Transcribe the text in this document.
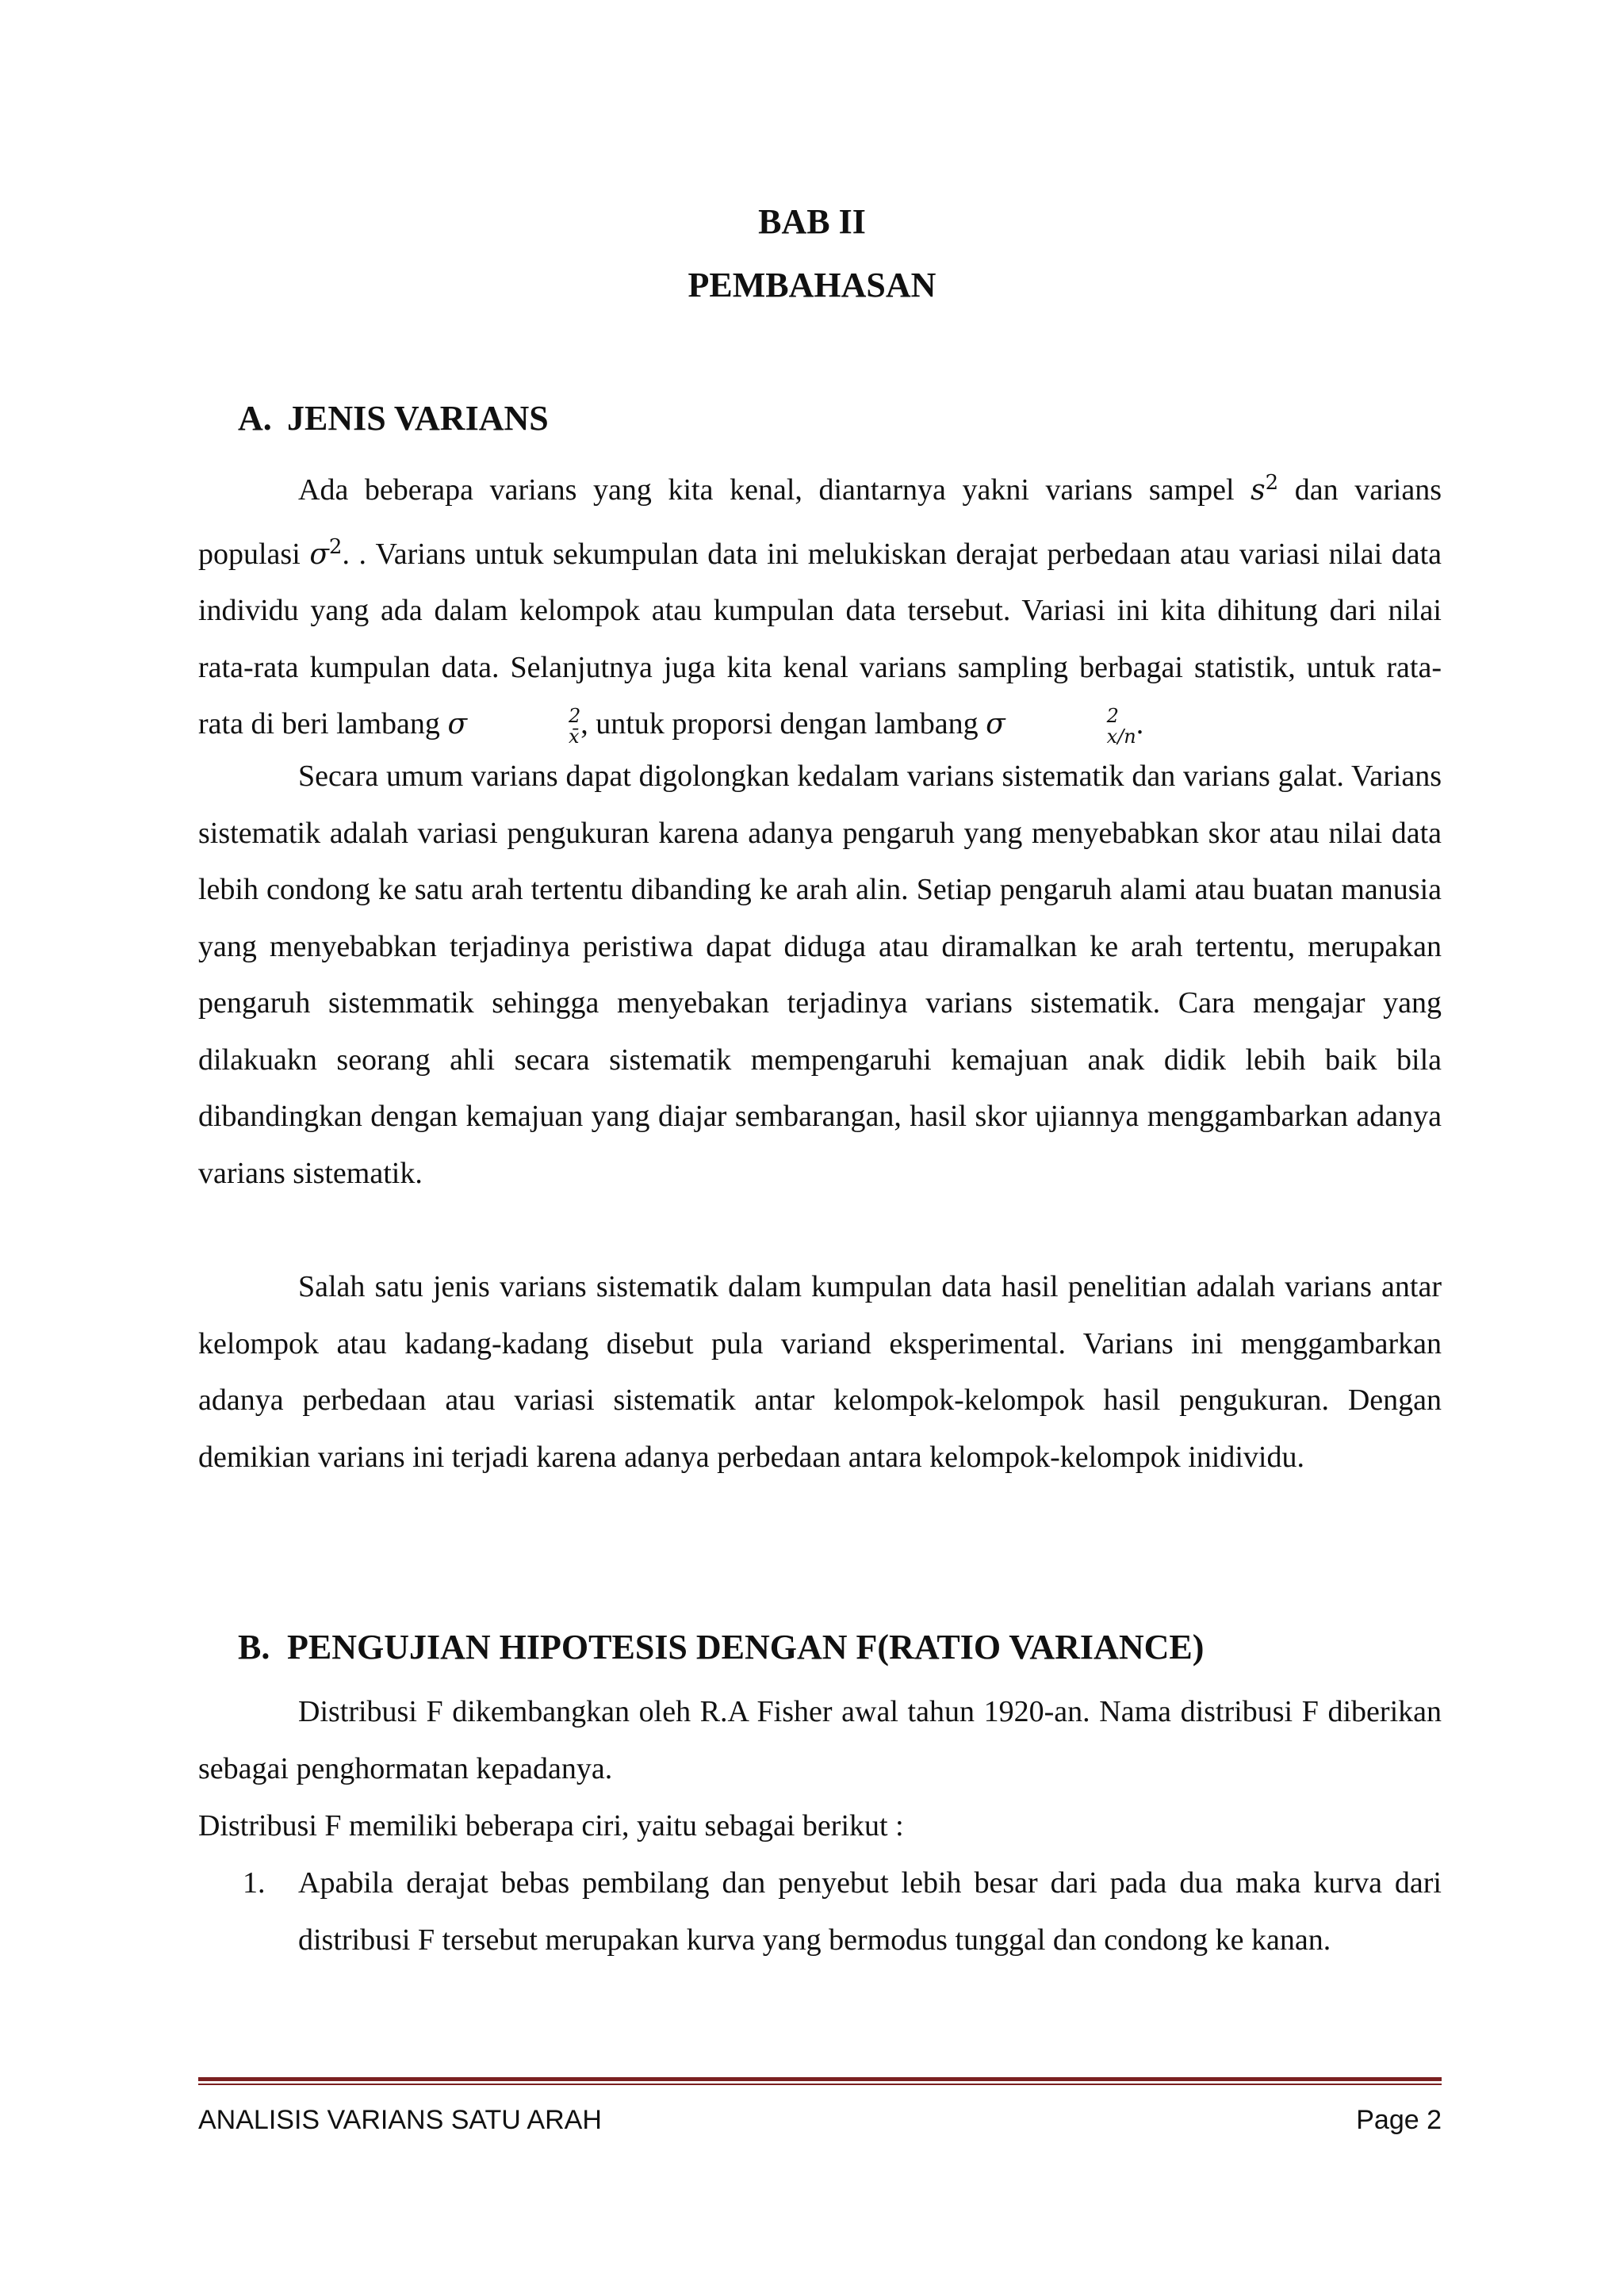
BAB II
PEMBAHASAN
A. JENIS VARIANS

Ada beberapa varians yang kita kenal, diantarnya yakni varians sampel $s^2$ dan varians populasi $\sigma^2$. . Varians untuk sekumpulan data ini melukiskan derajat perbedaan atau variasi nilai data individu yang ada dalam kelompok atau kumpulan data tersebut. Variasi ini kita dihitung dari nilai rata-rata kumpulan data. Selanjutnya juga kita kenal varians sampling berbagai statistik, untuk rata-rata di beri lambang σ	2
x̄ , untuk proporsi dengan lambang σ	2
x/n .

Secara umum varians dapat digolongkan kedalam varians sistematik dan varians galat. Varians sistematik adalah variasi pengukuran karena adanya pengaruh yang menyebabkan skor atau nilai data lebih condong ke satu arah tertentu dibanding ke arah alin. Setiap pengaruh alami atau buatan manusia yang menyebabkan terjadinya peristiwa dapat diduga atau diramalkan ke arah tertentu, merupakan pengaruh sistemmatik sehingga menyebakan terjadinya varians sistematik. Cara mengajar yang dilakuakn seorang ahli secara sistematik mempengaruhi kemajuan anak didik lebih baik bila dibandingkan dengan kemajuan yang diajar sembarangan, hasil skor ujiannya menggambarkan adanya varians sistematik.

Salah satu jenis varians sistematik dalam kumpulan data hasil penelitian adalah varians antar kelompok atau kadang-kadang disebut pula variand eksperimental. Varians ini menggambarkan adanya perbedaan atau variasi sistematik antar kelompok-kelompok hasil pengukuran. Dengan demikian varians ini terjadi karena adanya perbedaan antara kelompok-kelompok inidividu.

B. PENGUJIAN HIPOTESIS DENGAN F(RATIO VARIANCE)

Distribusi F dikembangkan oleh R.A Fisher awal tahun 1920-an. Nama distribusi F diberikan sebagai penghormatan kepadanya.

Distribusi F memiliki beberapa ciri, yaitu sebagai berikut :

1. Apabila derajat bebas pembilang dan penyebut lebih besar dari pada dua maka kurva dari distribusi F tersebut merupakan kurva yang bermodus tunggal dan condong ke kanan.
ANALISIS VARIANS SATU ARAH	Page 2
